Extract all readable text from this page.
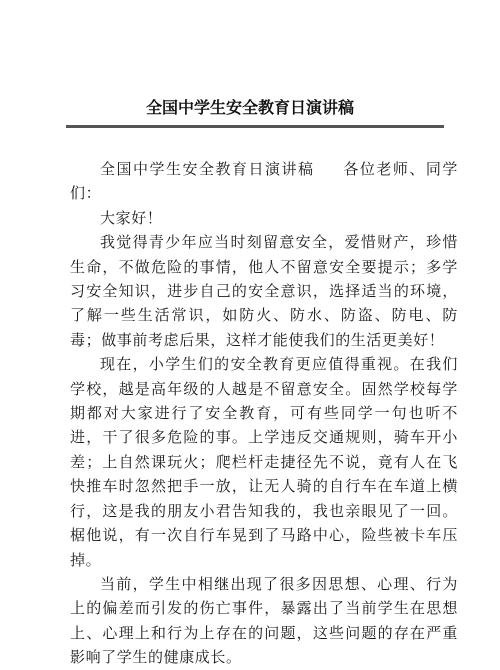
全国中学生安全教育日演讲稿

全国中学生安全教育日演讲稿 各位老师、同学们：

大家好！

我觉得青少年应当时刻留意安全，爱惜财产，珍惜生命，不做危险的事情，他人不留意安全要提示；多学习安全知识，进步自己的安全意识，选择适当的环境，了解一些生活常识，如防火、防水、防盗、防电、防毒；做事前考虑后果，这样才能使我们的生活更美好！

现在，小学生们的安全教育更应值得重视。在我们学校，越是高年级的人越是不留意安全。固然学校每学期都对大家进行了安全教育，可有些同学一句也听不进，干了很多危险的事。上学违反交通规则，骑车开小差；上自然课玩火；爬栏杆走捷径先不说，竟有人在飞快推车时忽然把手一放，让无人骑的自行车在车道上横行，这是我的朋友小君告知我的，我也亲眼见了一回。椐他说，有一次自行车晃到了马路中心，险些被卡车压掉。

当前，学生中相继出现了很多因思想、心理、行为上的偏差而引发的伤亡事件，暴露出了当前学生在思想上、心理上和行为上存在的问题，这些问题的存在严重影响了学生的健康成长。
